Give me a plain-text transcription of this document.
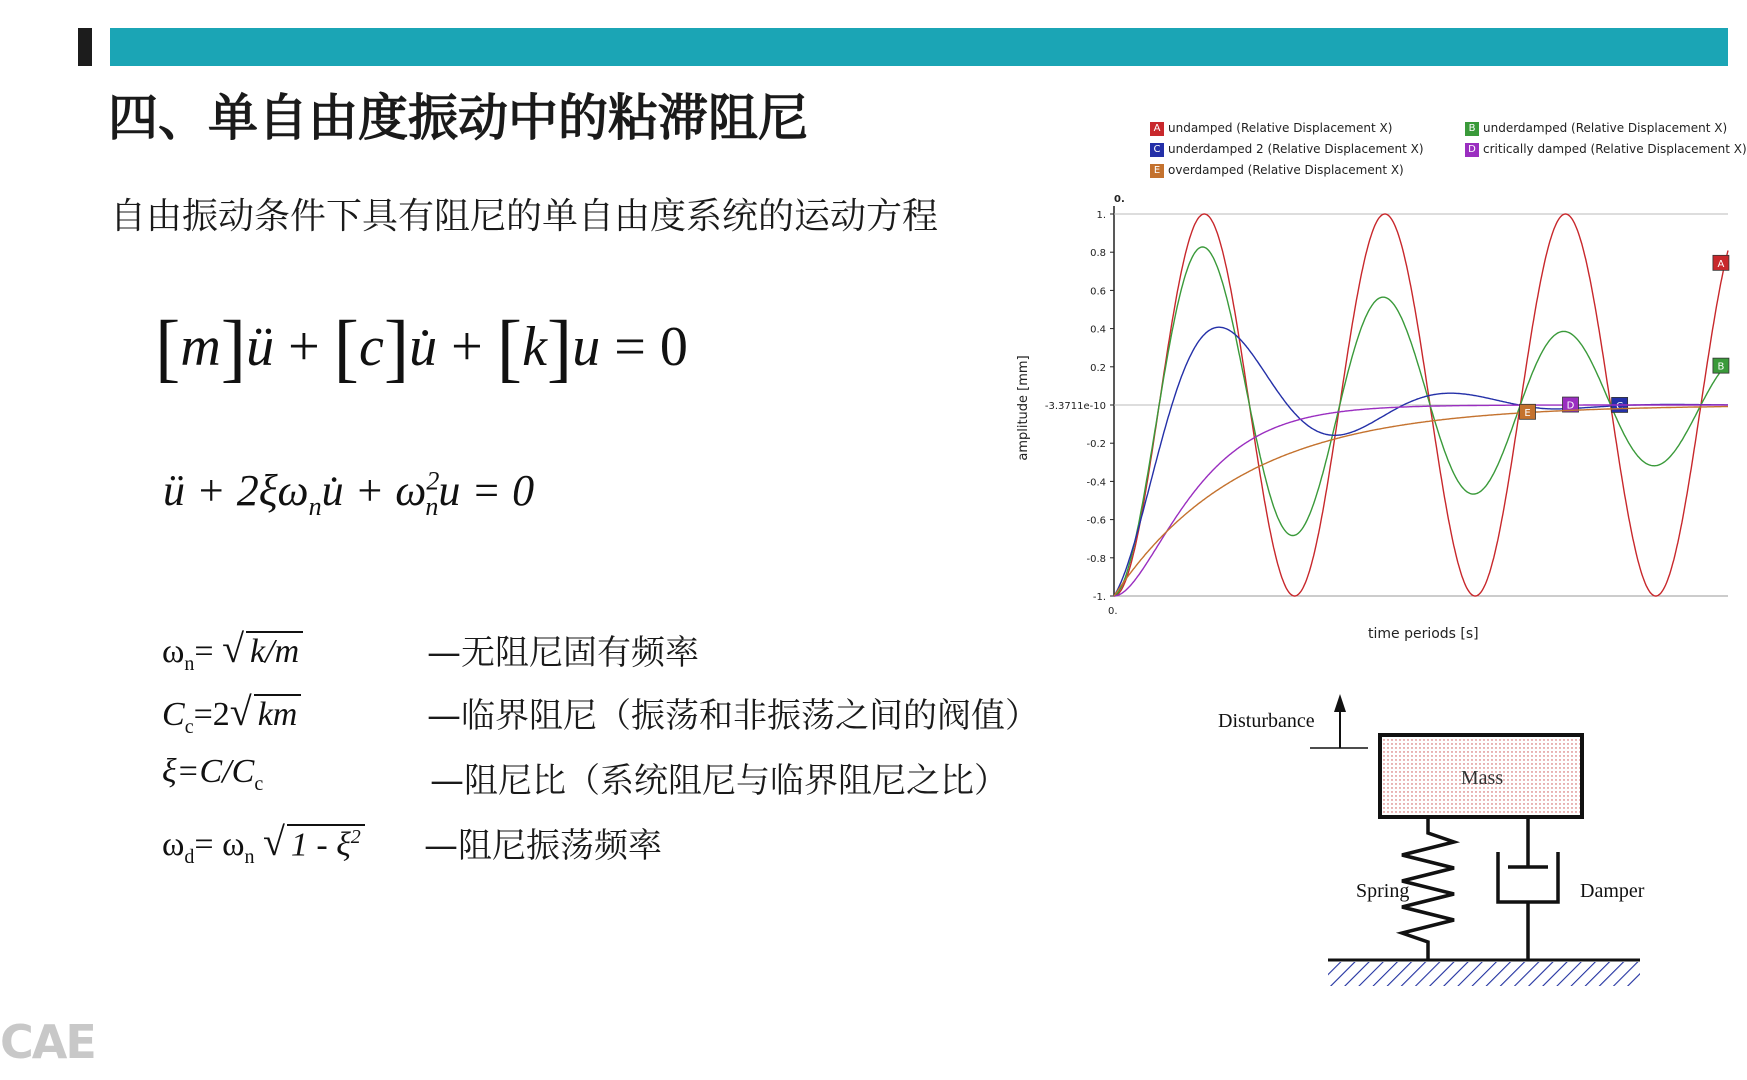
四、单自由度振动中的粘滞阻尼
自由振动条件下具有阻尼的单自由度系统的运动方程
[m]ü + [c]u̇ + [k]u = 0
ü + $2\xi\omega_nu̇ + \omega^2_nu = 0$
$\omega_n=$ √ k/m	—无阻尼固有频率
$C_c=2√$ km	—临界阻尼（振荡和非振荡之间的阀值）
$\xi=C/C_c$	—阻尼比（系统阻尼与临界阻尼之比）
$\omega_d= \omega_n$ √ $1 - \xi^2$ —阻尼振荡频率
A undamped (Relative Displacement X)	B underdamped (Relative Displacement X)
C underdamped 2 (Relative Displacement X)	D critically damped (Relative Displacement X)
E overdamped (Relative Displacement X)
1.
0.8
0.6
0.4
0.2
-3.3711e-10
-0.2
-0.4
-0.6
-0.8
-1.
0.
0.
time periods [s]
amplitude [mm]
A
B
C
D
E
Disturbance
Mass
Spring	Damper
CAE
